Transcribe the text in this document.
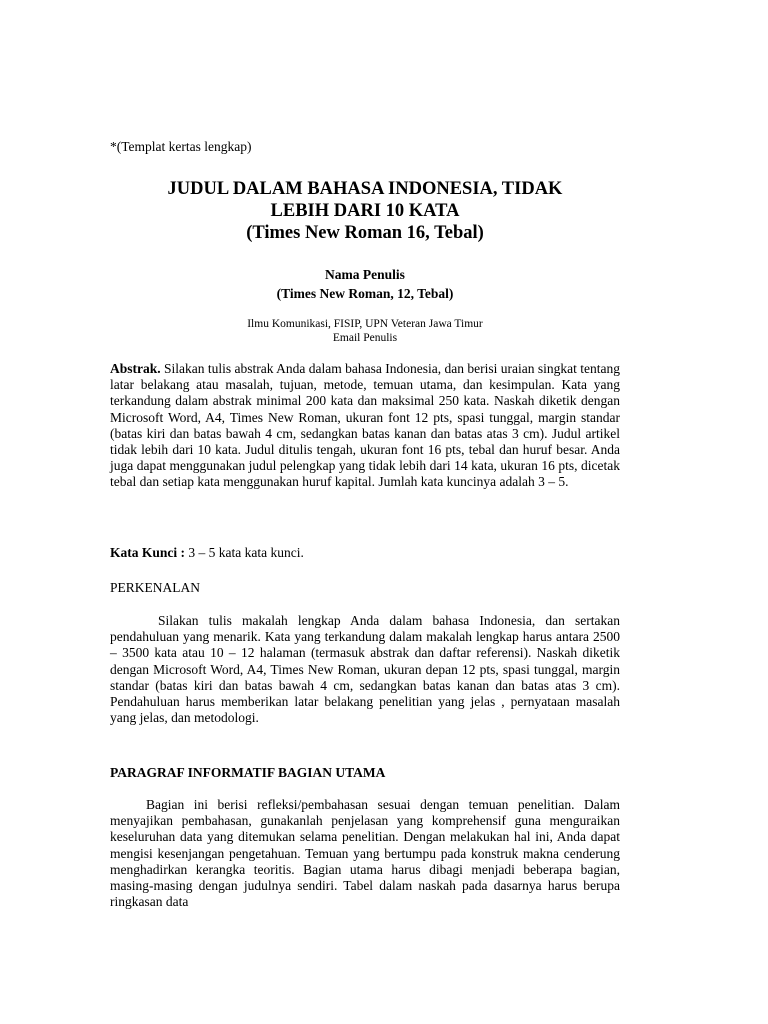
*(Templat kertas lengkap)
JUDUL DALAM BAHASA INDONESIA, TIDAK
LEBIH DARI 10 KATA
(Times New Roman 16, Tebal)
Nama Penulis
(Times New Roman, 12, Tebal)
Ilmu Komunikasi, FISIP, UPN Veteran Jawa Timur
Email Penulis

Abstrak. Silakan tulis abstrak Anda dalam bahasa Indonesia, dan berisi uraian singkat tentang latar belakang atau masalah, tujuan, metode, temuan utama, dan kesimpulan. Kata yang terkandung dalam abstrak minimal 200 kata dan maksimal 250 kata. Naskah diketik dengan Microsoft Word, A4, Times New Roman, ukuran font 12 pts, spasi tunggal, margin standar (batas kiri dan batas bawah 4 cm, sedangkan batas kanan dan batas atas 3 cm). Judul artikel tidak lebih dari 10 kata. Judul ditulis tengah, ukuran font 16 pts, tebal dan huruf besar. Anda juga dapat menggunakan judul pelengkap yang tidak lebih dari 14 kata, ukuran 16 pts, dicetak tebal dan setiap kata menggunakan huruf kapital. Jumlah kata kuncinya adalah 3 – 5.

Kata Kunci : 3 – 5 kata kata kunci.

PERKENALAN

Silakan tulis makalah lengkap Anda dalam bahasa Indonesia, dan sertakan pendahuluan yang menarik. Kata yang terkandung dalam makalah lengkap harus antara 2500 – 3500 kata atau 10 – 12 halaman (termasuk abstrak dan daftar referensi). Naskah diketik dengan Microsoft Word, A4, Times New Roman, ukuran depan 12 pts, spasi tunggal, margin standar (batas kiri dan batas bawah 4 cm, sedangkan batas kanan dan batas atas 3 cm). Pendahuluan harus memberikan latar belakang penelitian yang jelas , pernyataan masalah yang jelas, dan metodologi.

PARAGRAF INFORMATIF BAGIAN UTAMA

Bagian ini berisi refleksi/pembahasan sesuai dengan temuan penelitian. Dalam menyajikan pembahasan, gunakanlah penjelasan yang komprehensif guna menguraikan keseluruhan data yang ditemukan selama penelitian. Dengan melakukan hal ini, Anda dapat mengisi kesenjangan pengetahuan. Temuan yang bertumpu pada konstruk makna cenderung menghadirkan kerangka teoritis. Bagian utama harus dibagi menjadi beberapa bagian, masing-masing dengan judulnya sendiri. Tabel dalam naskah pada dasarnya harus berupa ringkasan data
